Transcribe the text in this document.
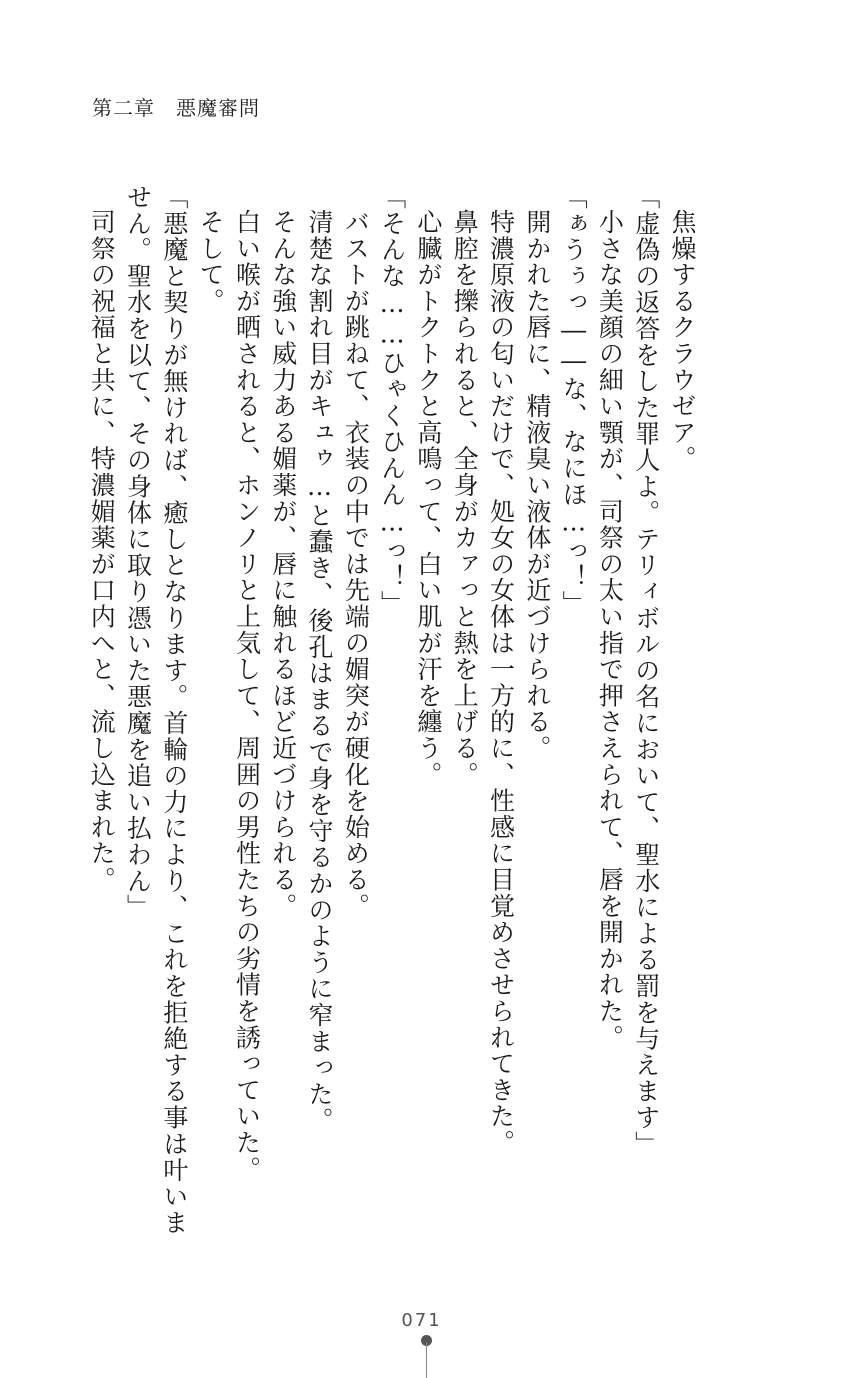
第二章　悪魔審問
焦燥するクラウゼア。
「虚偽の返答をした罪人よ。テリィボルの名において、聖水による罰を与えます」
小さな美顔の細い顎が、司祭の太い指で押さえられて、唇を開かれた。
「ぁうぅっ――な、なにほ…っ！」
開かれた唇に、精液臭い液体が近づけられる。
特濃原液の匂いだけで、処女の女体は一方的に、性感に目覚めさせられてきた。
鼻腔を擽られると、全身がカァっと熱を上げる。
心臓がトクトクと高鳴って、白い肌が汗を纏う。
「そんな……ひゃくひんん…っ！」
バストが跳ねて、衣装の中では先端の媚突が硬化を始める。
清楚な割れ目がキュゥ…と蠢き、後孔はまるで身を守るかのように窄まった。
そんな強い威力ある媚薬が、唇に触れるほど近づけられる。
白い喉が晒されると、ホンノリと上気して、周囲の男性たちの劣情を誘っていた。
そして。
「悪魔と契りが無ければ、癒しとなります。首輪の力により、これを拒絶する事は叶いま
せん。聖水を以て、その身体に取り憑いた悪魔を追い払わん」
司祭の祝福と共に、特濃媚薬が口内へと、流し込まれた。
071
